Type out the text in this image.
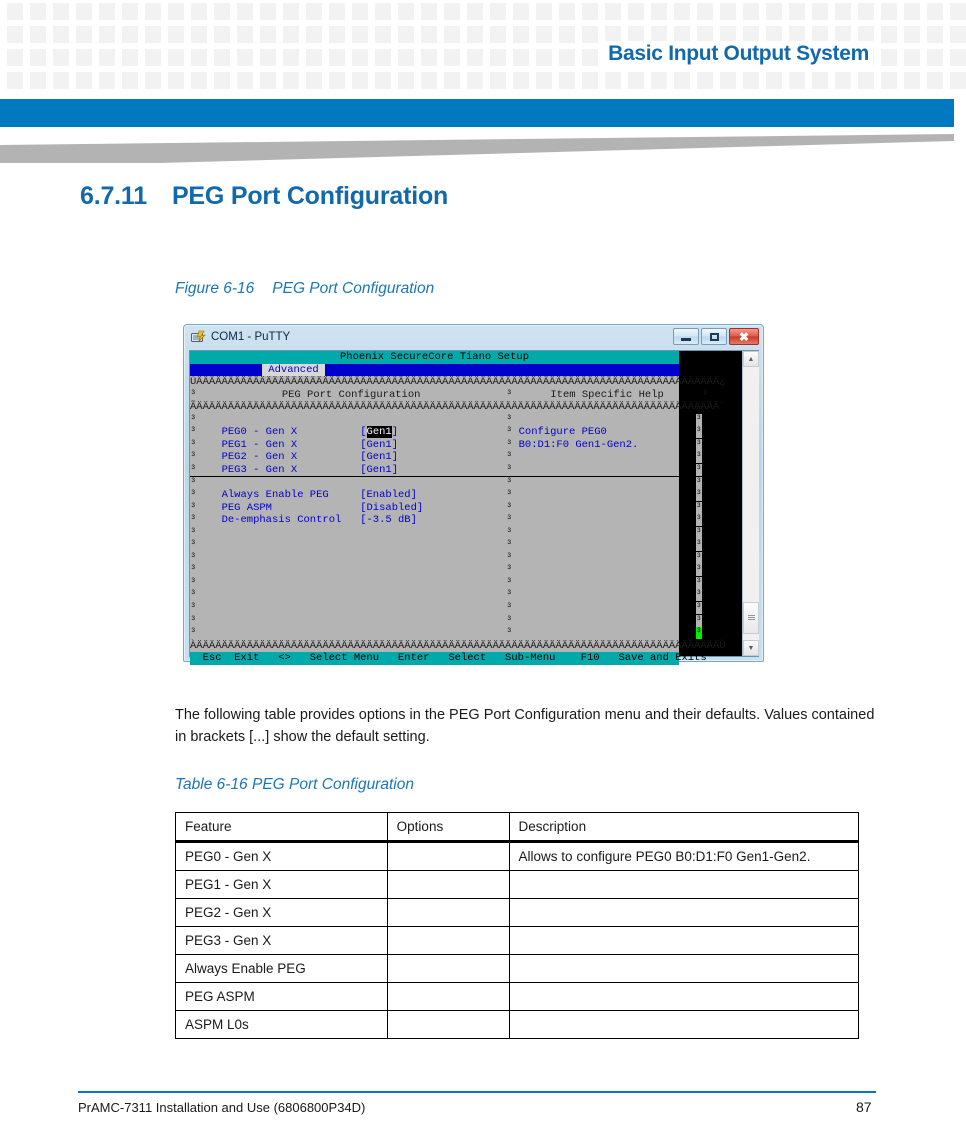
Basic Input Output System
6.7.11 PEG Port Configuration
Figure 6-16 PEG Port Configuration
COM1 - PuTTY	✖
Phoenix SecureCore Tiano Setup
Advanced
ÚÄÄÄÄÄÄÄÄÄÄÄÄÄÄÄÄÄÄÄÄÄÄÄÄÄÄÄÄÄÄÄÄÄÄÄÄÄÄÄÄÄÄÄÄÄÄÄÄÄÄÄÄÄÄÄÄÄÄÄÄÄÄÄÄÄÄÄÄÄÄÄÄÄÄÄÄÄÄÄÄÄÄÄ¿
³	PEG Port Configuration	³	Item Specific Help	³
ÃÄÄÄÄÄÄÄÄÄÄÄÄÄÄÄÄÄÄÄÄÄÄÄÄÄÄÄÄÄÄÄÄÄÄÄÄÄÄÄÄÄÄÄÄÄÄÄÄÄÄÄÄÄÄÄÄÄÄÄÄÄÄÄÄÄÄÄÄÄÄÄÄÄÄÄÄÄÄÄÄÄÄÄ´
³	³	³
³ PEG0 - Gen X          [Gen1]	³ Configure PEG0	³
³ PEG1 - Gen X          [Gen1]	³ B0:D1:F0 Gen1-Gen2.	³
³ PEG2 - Gen X          [Gen1]	³	³
³ PEG3 - Gen X          [Gen1]	³	³
³	³	³
³ Always Enable PEG     [Enabled]	³	³
³ PEG ASPM              [Disabled]	³	³
³ De-emphasis Control   [-3.5 dB]	³	³
³	³	³
³	³	³
³	³	³
³	³	³
³	³	³
³	³	³
³	³	³
³	³	³
³	³	³
ÀÄÄÄÄÄÄÄÄÄÄÄÄÄÄÄÄÄÄÄÄÄÄÄÄÄÄÄÄÄÄÄÄÄÄÄÄÄÄÄÄÄÄÄÄÄÄÄÄÄÄÄÄÄÄÄÄÄÄÄÄÄÄÄÄÄÄÄÄÄÄÄÄÄÄÄÄÄÄÄÄÄÄÄÙ
Esc  Exit   <>   Select Menu   Enter   Select   Sub-Menu    F10   Save and Exits
▲
▼
The following table provides options in the PEG Port Configuration menu and their defaults. Values contained in brackets [...] show the default setting.
Table 6-16 PEG Port Configuration
Feature	Options	Description
PEG0 - Gen X		Allows to configure PEG0 B0:D1:F0 Gen1-Gen2.
PEG1 - Gen X		
PEG2 - Gen X		
PEG3 - Gen X		
Always Enable PEG		
PEG ASPM		
ASPM L0s		
PrAMC-7311 Installation and Use (6806800P34D)	87
